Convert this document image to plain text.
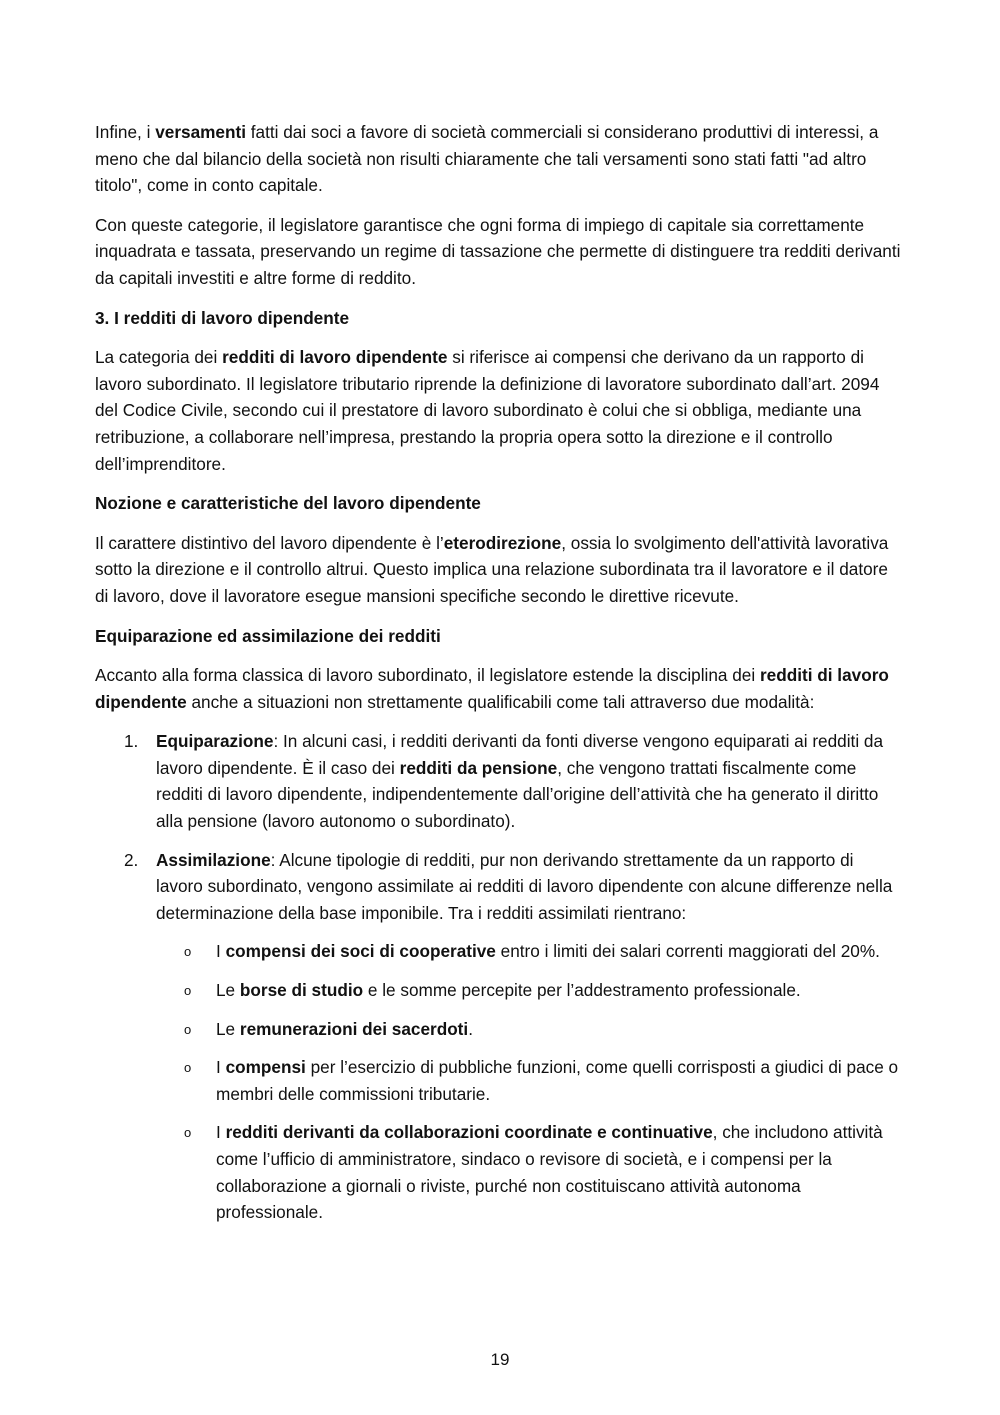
Infine, i versamenti fatti dai soci a favore di società commerciali si considerano produttivi di interessi, a meno che dal bilancio della società non risulti chiaramente che tali versamenti sono stati fatti "ad altro titolo", come in conto capitale.

Con queste categorie, il legislatore garantisce che ogni forma di impiego di capitale sia correttamente inquadrata e tassata, preservando un regime di tassazione che permette di distinguere tra redditi derivanti da capitali investiti e altre forme di reddito.

3. I redditi di lavoro dipendente

La categoria dei redditi di lavoro dipendente si riferisce ai compensi che derivano da un rapporto di lavoro subordinato. Il legislatore tributario riprende la definizione di lavoratore subordinato dall’art. 2094 del Codice Civile, secondo cui il prestatore di lavoro subordinato è colui che si obbliga, mediante una retribuzione, a collaborare nell’impresa, prestando la propria opera sotto la direzione e il controllo dell’imprenditore.

Nozione e caratteristiche del lavoro dipendente

Il carattere distintivo del lavoro dipendente è l’eterodirezione, ossia lo svolgimento dell'attività lavorativa sotto la direzione e il controllo altrui. Questo implica una relazione subordinata tra il lavoratore e il datore di lavoro, dove il lavoratore esegue mansioni specifiche secondo le direttive ricevute.

Equiparazione ed assimilazione dei redditi

Accanto alla forma classica di lavoro subordinato, il legislatore estende la disciplina dei redditi di lavoro dipendente anche a situazioni non strettamente qualificabili come tali attraverso due modalità:

1. Equiparazione: In alcuni casi, i redditi derivanti da fonti diverse vengono equiparati ai redditi da lavoro dipendente. È il caso dei redditi da pensione, che vengono trattati fiscalmente come redditi di lavoro dipendente, indipendentemente dall’origine dell’attività che ha generato il diritto alla pensione (lavoro autonomo o subordinato).
2. Assimilazione: Alcune tipologie di redditi, pur non derivando strettamente da un rapporto di lavoro subordinato, vengono assimilate ai redditi di lavoro dipendente con alcune differenze nella determinazione della base imponibile. Tra i redditi assimilati rientrano:
o I compensi dei soci di cooperative entro i limiti dei salari correnti maggiorati del 20%.
o Le borse di studio e le somme percepite per l’addestramento professionale.
o Le remunerazioni dei sacerdoti.
o I compensi per l’esercizio di pubbliche funzioni, come quelli corrisposti a giudici di pace o membri delle commissioni tributarie.
o I redditi derivanti da collaborazioni coordinate e continuative, che includono attività come l’ufficio di amministratore, sindaco o revisore di società, e i compensi per la collaborazione a giornali o riviste, purché non costituiscano attività autonoma professionale.
19
